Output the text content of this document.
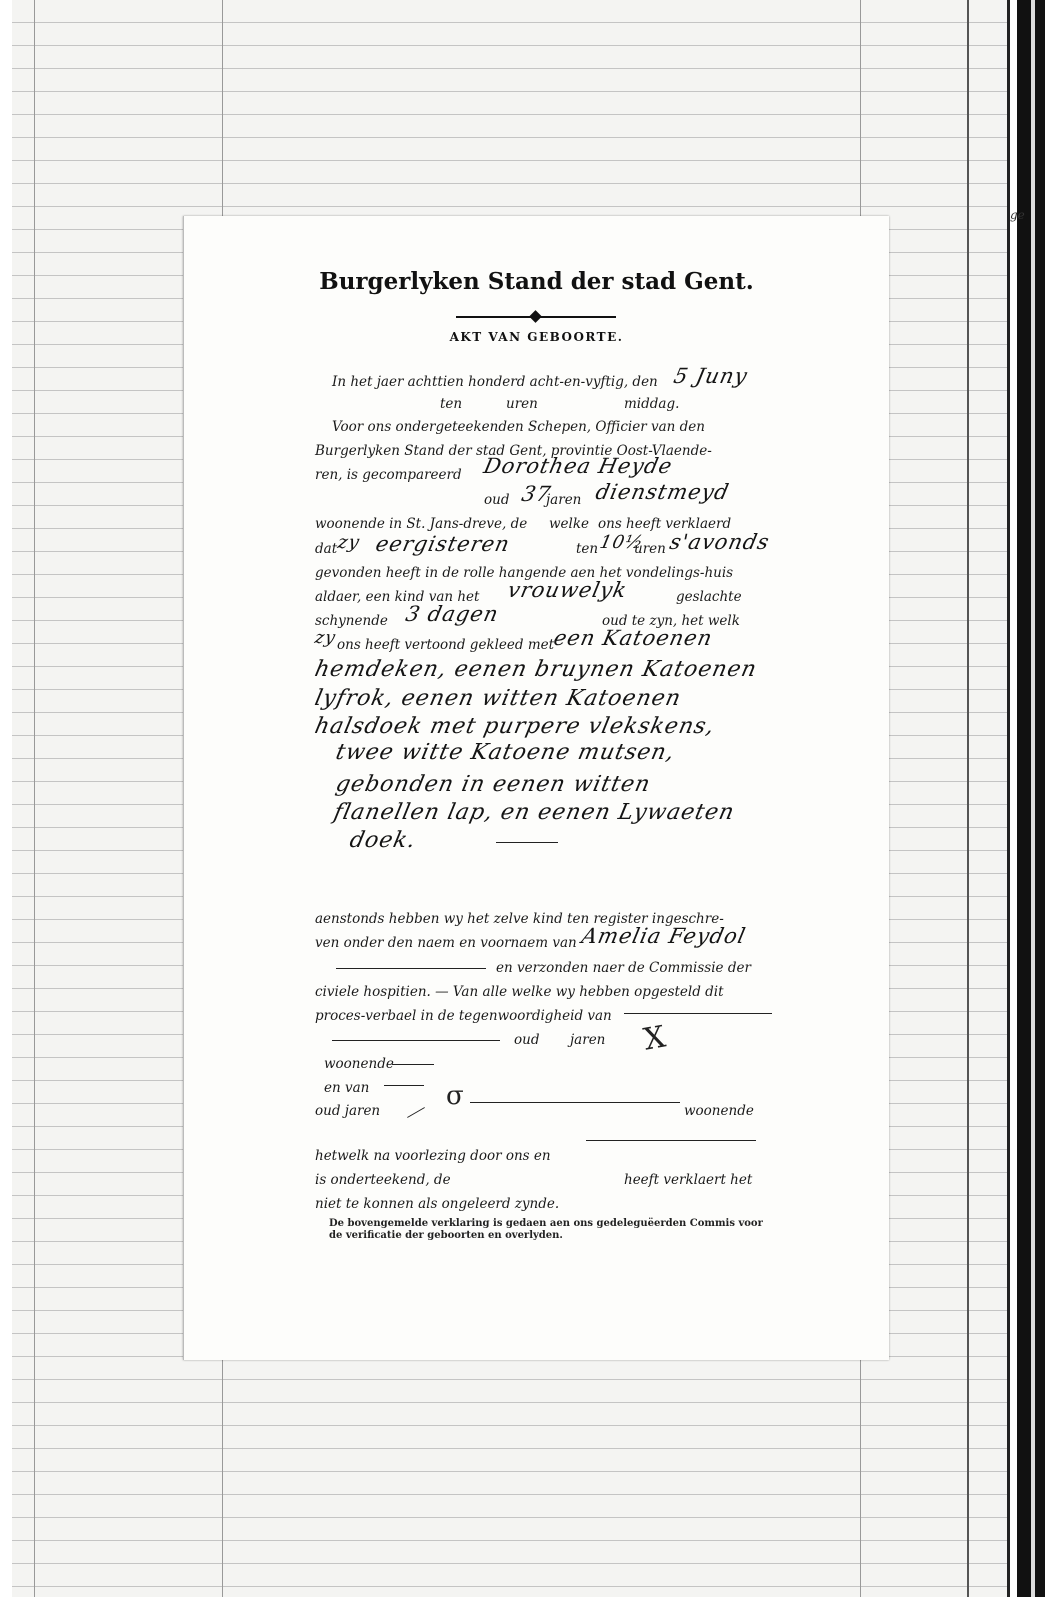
ge
Burgerlyken Stand der stad Gent.
AKT VAN GEBOORTE.
In het jaer achttien honderd acht-en-vyftig, den 5 Juny
ten	uren	middag.
Voor ons ondergeteekenden Schepen, Officier van den
Burgerlyken Stand der stad Gent, provintie Oost-Vlaende-
ren, is gecompareerd Dorothea Heyde
oud 37
jaren dienstmeyd
woonende in St. Jans-dreve, de welke ons heeft verklaerd
dat
zy eergisteren	ten 10½
uren s'avonds
gevonden heeft in de rolle hangende aen het vondelings-huis
aldaer, een kind van het vrouwelyk	geslachte
schynende 3 dagen	oud te zyn, het welk
zy ons heeft vertoond gekleed met
een Katoenen
hemdeken, eenen bruynen Katoenen
lyfrok, eenen witten Katoenen
halsdoek met purpere vlekskens,
twee witte Katoene mutsen,
gebonden in eenen witten
flanellen lap, en eenen Lywaeten
doek.
aenstonds hebben wy het zelve kind ten register ingeschre-
ven onder den naem en voornaem van Amelia Feydol
en verzonden naer de Commissie der
civiele hospitien. — Van alle welke wy hebben opgesteld dit
proces-verbael in de tegenwoordigheid van
oud jaren X
woonende
en van
oud jaren	σ	woonende
hetwelk na voorlezing door ons en
is onderteekend, de	heeft verklaert het
niet te konnen als ongeleerd zynde.
De bovengemelde verklaring is gedaen aen ons gedeleguëerden Commis voor de verificatie der geboorten en overlyden.
